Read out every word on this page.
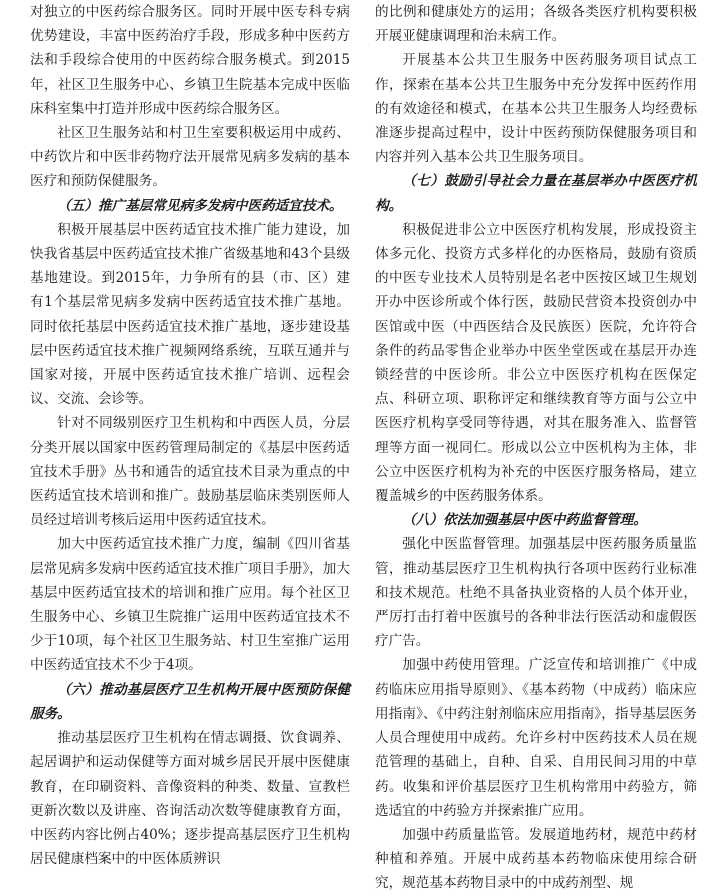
对独立的中医药综合服务区。同时开展中医专科专病优势建设，丰富中医药治疗手段，形成多种中医药方法和手段综合使用的中医药综合服务模式。到2015年，社区卫生服务中心、乡镇卫生院基本完成中医临床科室集中打造并形成中医药综合服务区。

社区卫生服务站和村卫生室要积极运用中成药、中药饮片和中医非药物疗法开展常见病多发病的基本医疗和预防保健服务。

（五）推广基层常见病多发病中医药适宜技术。

积极开展基层中医药适宜技术推广能力建设，加快我省基层中医药适宜技术推广省级基地和43个县级基地建设。到2015年，力争所有的县（市、区）建有1个基层常见病多发病中医药适宜技术推广基地。同时依托基层中医药适宜技术推广基地，逐步建设基层中医药适宜技术推广视频网络系统，互联互通并与国家对接，开展中医药适宜技术推广培训、远程会议、交流、会诊等。

针对不同级别医疗卫生机构和中西医人员，分层分类开展以国家中医药管理局制定的《基层中医药适宜技术手册》丛书和通告的适宜技术目录为重点的中医药适宜技术培训和推广。鼓励基层临床类别医师人员经过培训考核后运用中医药适宜技术。

加大中医药适宜技术推广力度，编制《四川省基层常见病多发病中医药适宜技术推广项目手册》，加大基层中医药适宜技术的培训和推广应用。每个社区卫生服务中心、乡镇卫生院推广运用中医药适宜技术不少于10项，每个社区卫生服务站、村卫生室推广运用中医药适宜技术不少于4项。

（六）推动基层医疗卫生机构开展中医预防保健服务。

推动基层医疗卫生机构在情志调摄、饮食调养、起居调护和运动保健等方面对城乡居民开展中医健康教育，在印刷资料、音像资料的种类、数量、宣教栏更新次数以及讲座、咨询活动次数等健康教育方面，中医药内容比例占40%；逐步提高基层医疗卫生机构居民健康档案中的中医体质辨识

的比例和健康处方的运用；各级各类医疗机构要积极开展亚健康调理和治未病工作。

开展基本公共卫生服务中医药服务项目试点工作，探索在基本公共卫生服务中充分发挥中医药作用的有效途径和模式，在基本公共卫生服务人均经费标准逐步提高过程中，设计中医药预防保健服务项目和内容并列入基本公共卫生服务项目。

（七）鼓励引导社会力量在基层举办中医医疗机构。

积极促进非公立中医医疗机构发展，形成投资主体多元化、投资方式多样化的办医格局，鼓励有资质的中医专业技术人员特别是名老中医按区域卫生规划开办中医诊所或个体行医，鼓励民营资本投资创办中医馆或中医（中西医结合及民族医）医院，允许符合条件的药品零售企业举办中医坐堂医或在基层开办连锁经营的中医诊所。非公立中医医疗机构在医保定点、科研立项、职称评定和继续教育等方面与公立中医医疗机构享受同等待遇，对其在服务准入、监督管理等方面一视同仁。形成以公立中医机构为主体，非公立中医医疗机构为补充的中医医疗服务格局，建立覆盖城乡的中医药服务体系。

（八）依法加强基层中医中药监督管理。

强化中医监督管理。加强基层中医药服务质量监管，推动基层医疗卫生机构执行各项中医药行业标准和技术规范。杜绝不具备执业资格的人员个体开业，严厉打击打着中医旗号的各种非法行医活动和虚假医疗广告。

加强中药使用管理。广泛宣传和培训推广《中成药临床应用指导原则》、《基本药物（中成药）临床应用指南》、《中药注射剂临床应用指南》，指导基层医务人员合理使用中成药。允许乡村中医药技术人员在规范管理的基础上，自种、自采、自用民间习用的中草药。收集和评价基层医疗卫生机构常用中药验方，筛选适宜的中药验方并探索推广应用。

加强中药质量监管。发展道地药材，规范中药材种植和养殖。开展中成药基本药物临床使用综合研究，规范基本药物目录中的中成药剂型、规
